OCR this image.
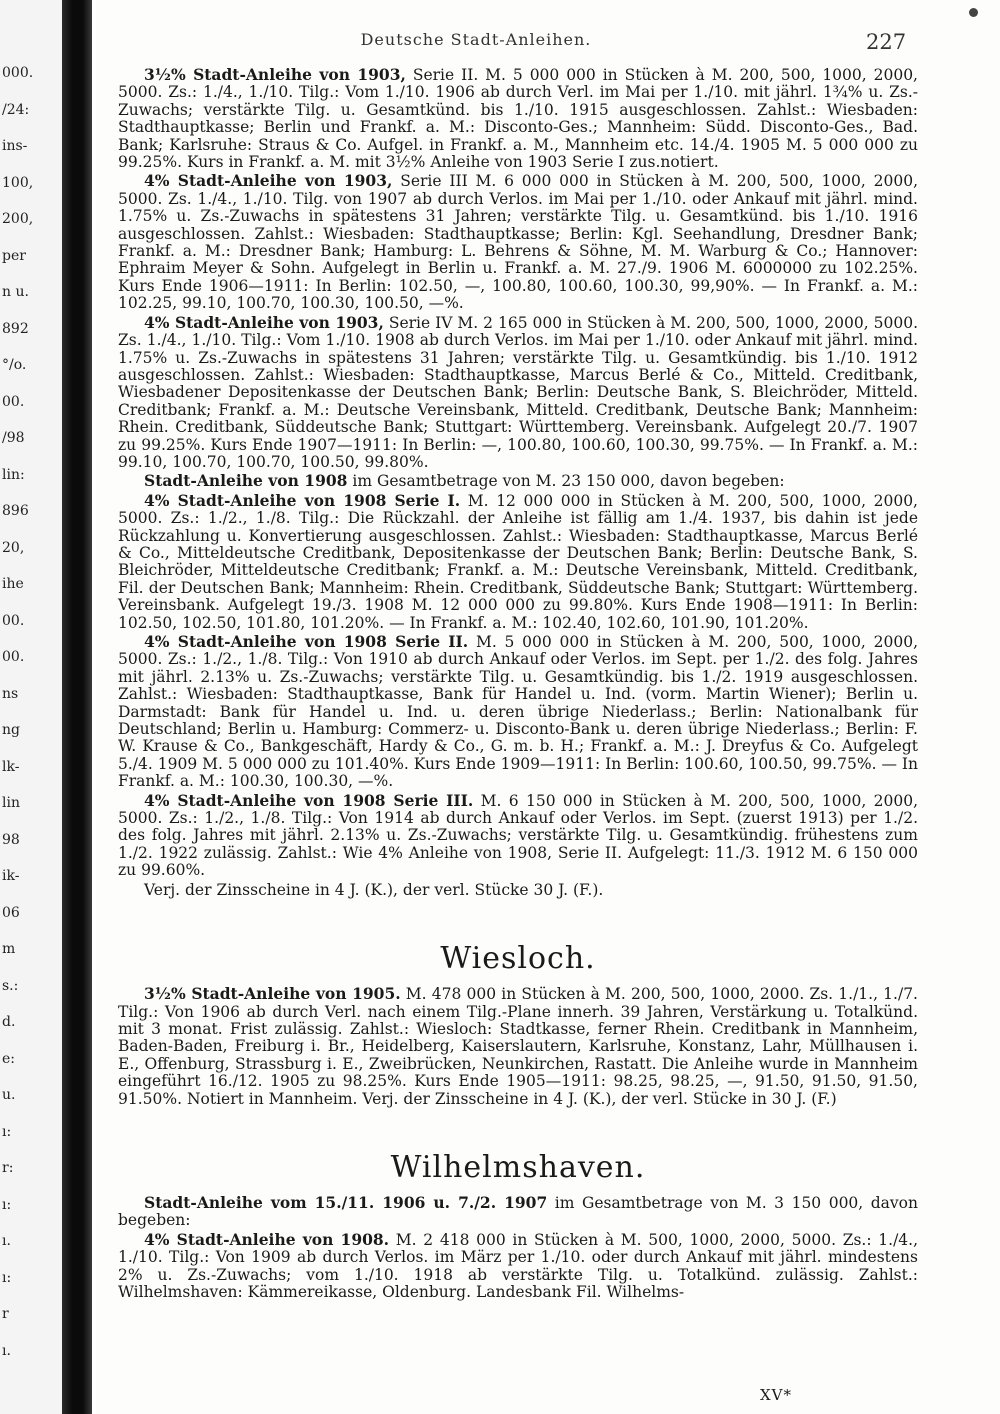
000.
/24:
ins-
100,
200,
per
n u.
892
°/o.
00.
/98
lin:
896
20,
ihe
00.
00.
ns
ng
lk-
lin
98
ik-
06
m
s.:
d.
e:
u.
ı:
r:
ı:
ı.
ı:
r
ı.
Deutsche Stadt-Anleihen.	227

3½% Stadt-Anleihe von 1903, Serie II. M. 5 000 000 in Stücken à M. 200, 500, 1000, 2000, 5000. Zs.: 1./4., 1./10. Tilg.: Vom 1./10. 1906 ab durch Verl. im Mai per 1./10. mit jährl. 1¾% u. Zs.-Zuwachs; verstärkte Tilg. u. Gesamtkünd. bis 1./10. 1915 ausgeschlossen. Zahlst.: Wiesbaden: Stadthauptkasse; Berlin und Frankf. a. M.: Disconto-Ges.; Mannheim: Südd. Disconto-Ges., Bad. Bank; Karlsruhe: Straus & Co. Aufgel. in Frankf. a. M., Mannheim etc. 14./4. 1905 M. 5 000 000 zu 99.25%. Kurs in Frankf. a. M. mit 3½% Anleihe von 1903 Serie I zus.notiert.

4% Stadt-Anleihe von 1903, Serie III M. 6 000 000 in Stücken à M. 200, 500, 1000, 2000, 5000. Zs. 1./4., 1./10. Tilg. von 1907 ab durch Verlos. im Mai per 1./10. oder Ankauf mit jährl. mind. 1.75% u. Zs.-Zuwachs in spätestens 31 Jahren; verstärkte Tilg. u. Gesamtkünd. bis 1./10. 1916 ausgeschlossen. Zahlst.: Wiesbaden: Stadthauptkasse; Berlin: Kgl. Seehandlung, Dresdner Bank; Frankf. a. M.: Dresdner Bank; Hamburg: L. Behrens & Söhne, M. M. Warburg & Co.; Hannover: Ephraim Meyer & Sohn. Aufgelegt in Berlin u. Frankf. a. M. 27./9. 1906 M. 6000000 zu 102.25%. Kurs Ende 1906—1911: In Berlin: 102.50, —, 100.80, 100.60, 100.30, 99,90%. — In Frankf. a. M.: 102.25, 99.10, 100.70, 100.30, 100.50, —%.

4% Stadt-Anleihe von 1903, Serie IV M. 2 165 000 in Stücken à M. 200, 500, 1000, 2000, 5000. Zs. 1./4., 1./10. Tilg.: Vom 1./10. 1908 ab durch Verlos. im Mai per 1./10. oder Ankauf mit jährl. mind. 1.75% u. Zs.-Zuwachs in spätestens 31 Jahren; verstärkte Tilg. u. Gesamtkündig. bis 1./10. 1912 ausgeschlossen. Zahlst.: Wiesbaden: Stadthauptkasse, Marcus Berlé & Co., Mitteld. Creditbank, Wiesbadener Depositenkasse der Deutschen Bank; Berlin: Deutsche Bank, S. Bleichröder, Mitteld. Creditbank; Frankf. a. M.: Deutsche Vereinsbank, Mitteld. Creditbank, Deutsche Bank; Mannheim: Rhein. Creditbank, Süddeutsche Bank; Stuttgart: Württemberg. Vereinsbank. Aufgelegt 20./7. 1907 zu 99.25%. Kurs Ende 1907—1911: In Berlin: —, 100.80, 100.60, 100.30, 99.75%. — In Frankf. a. M.: 99.10, 100.70, 100.70, 100.50, 99.80%.

Stadt-Anleihe von 1908 im Gesamtbetrage von M. 23 150 000, davon begeben:

4% Stadt-Anleihe von 1908 Serie I. M. 12 000 000 in Stücken à M. 200, 500, 1000, 2000, 5000. Zs.: 1./2., 1./8. Tilg.: Die Rückzahl. der Anleihe ist fällig am 1./4. 1937, bis dahin ist jede Rückzahlung u. Konvertierung ausgeschlossen. Zahlst.: Wiesbaden: Stadthauptkasse, Marcus Berlé & Co., Mitteldeutsche Creditbank, Depositenkasse der Deutschen Bank; Berlin: Deutsche Bank, S. Bleichröder, Mitteldeutsche Creditbank; Frankf. a. M.: Deutsche Vereinsbank, Mitteld. Creditbank, Fil. der Deutschen Bank; Mannheim: Rhein. Creditbank, Süddeutsche Bank; Stuttgart: Württemberg. Vereinsbank. Aufgelegt 19./3. 1908 M. 12 000 000 zu 99.80%. Kurs Ende 1908—1911: In Berlin: 102.50, 102.50, 101.80, 101.20%. — In Frankf. a. M.: 102.40, 102.60, 101.90, 101.20%.

4% Stadt-Anleihe von 1908 Serie II. M. 5 000 000 in Stücken à M. 200, 500, 1000, 2000, 5000. Zs.: 1./2., 1./8. Tilg.: Von 1910 ab durch Ankauf oder Verlos. im Sept. per 1./2. des folg. Jahres mit jährl. 2.13% u. Zs.-Zuwachs; verstärkte Tilg. u. Gesamtkündig. bis 1./2. 1919 ausgeschlossen. Zahlst.: Wiesbaden: Stadthauptkasse, Bank für Handel u. Ind. (vorm. Martin Wiener); Berlin u. Darmstadt: Bank für Handel u. Ind. u. deren übrige Niederlass.; Berlin: Nationalbank für Deutschland; Berlin u. Hamburg: Commerz- u. Disconto-Bank u. deren übrige Niederlass.; Berlin: F. W. Krause & Co., Bankgeschäft, Hardy & Co., G. m. b. H.; Frankf. a. M.: J. Dreyfus & Co. Aufgelegt 5./4. 1909 M. 5 000 000 zu 101.40%. Kurs Ende 1909—1911: In Berlin: 100.60, 100.50, 99.75%. — In Frankf. a. M.: 100.30, 100.30, —%.

4% Stadt-Anleihe von 1908 Serie III. M. 6 150 000 in Stücken à M. 200, 500, 1000, 2000, 5000. Zs.: 1./2., 1./8. Tilg.: Von 1914 ab durch Ankauf oder Verlos. im Sept. (zuerst 1913) per 1./2. des folg. Jahres mit jährl. 2.13% u. Zs.-Zuwachs; verstärkte Tilg. u. Gesamtkündig. frühestens zum 1./2. 1922 zulässig. Zahlst.: Wie 4% Anleihe von 1908, Serie II. Aufgelegt: 11./3. 1912 M. 6 150 000 zu 99.60%.

Verj. der Zinsscheine in 4 J. (K.), der verl. Stücke 30 J. (F.).

Wiesloch.

3½% Stadt-Anleihe von 1905. M. 478 000 in Stücken à M. 200, 500, 1000, 2000. Zs. 1./1., 1./7. Tilg.: Von 1906 ab durch Verl. nach einem Tilg.-Plane innerh. 39 Jahren, Verstärkung u. Totalkünd. mit 3 monat. Frist zulässig. Zahlst.: Wiesloch: Stadtkasse, ferner Rhein. Creditbank in Mannheim, Baden-Baden, Freiburg i. Br., Heidelberg, Kaiserslautern, Karlsruhe, Konstanz, Lahr, Müllhausen i. E., Offenburg, Strassburg i. E., Zweibrücken, Neunkirchen, Rastatt. Die Anleihe wurde in Mannheim eingeführt 16./12. 1905 zu 98.25%. Kurs Ende 1905—1911: 98.25, 98.25, —, 91.50, 91.50, 91.50, 91.50%. Notiert in Mannheim. Verj. der Zinsscheine in 4 J. (K.), der verl. Stücke in 30 J. (F.)

Wilhelmshaven.

Stadt-Anleihe vom 15./11. 1906 u. 7./2. 1907 im Gesamtbetrage von M. 3 150 000, davon begeben:

4% Stadt-Anleihe von 1908. M. 2 418 000 in Stücken à M. 500, 1000, 2000, 5000. Zs.: 1./4., 1./10. Tilg.: Von 1909 ab durch Verlos. im März per 1./10. oder durch Ankauf mit jährl. mindestens 2% u. Zs.-Zuwachs; vom 1./10. 1918 ab verstärkte Tilg. u. Totalkünd. zulässig. Zahlst.: Wilhelmshaven: Kämmereikasse, Oldenburg. Landesbank Fil. Wilhelms-

XV*
